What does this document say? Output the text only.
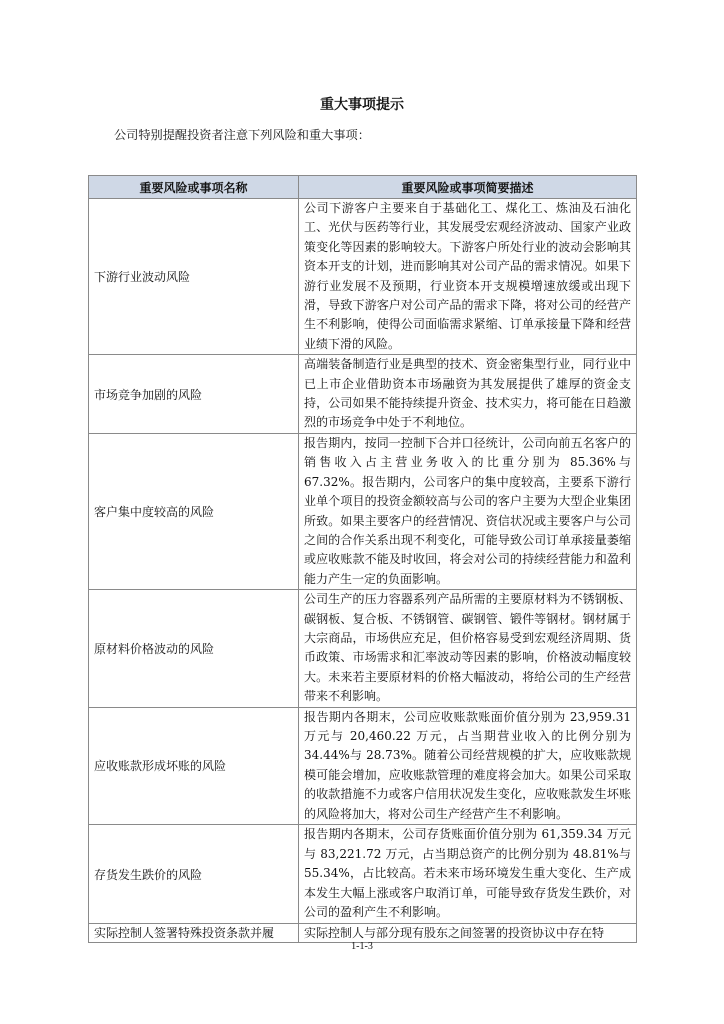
重大事项提示
公司特别提醒投资者注意下列风险和重大事项：
重要风险或事项名称	重要风险或事项简要描述
下游行业波动风险	公司下游客户主要来自于基础化工、煤化工、炼油及石油化工、光伏与医药等行业，其发展受宏观经济波动、国家产业政策变化等因素的影响较大。下游客户所处行业的波动会影响其资本开支的计划，进而影响其对公司产品的需求情况。如果下游行业发展不及预期，行业资本开支规模增速放缓或出现下滑，导致下游客户对公司产品的需求下降，将对公司的经营产生不利影响，使得公司面临需求紧缩、订单承接量下降和经营业绩下滑的风险。
市场竞争加剧的风险	高端装备制造行业是典型的技术、资金密集型行业，同行业中已上市企业借助资本市场融资为其发展提供了雄厚的资金支持，公司如果不能持续提升资金、技术实力，将可能在日趋激烈的市场竞争中处于不利地位。
客户集中度较高的风险	报告期内，按同一控制下合并口径统计，公司向前五名客户的销售收入占主营业务收入的比重分别为 85.36%与 67.32%。报告期内，公司客户的集中度较高，主要系下游行业单个项目的投资金额较高与公司的客户主要为大型企业集团所致。如果主要客户的经营情况、资信状况或主要客户与公司之间的合作关系出现不利变化，可能导致公司订单承接量萎缩或应收账款不能及时收回，将会对公司的持续经营能力和盈利能力产生一定的负面影响。
原材料价格波动的风险	公司生产的压力容器系列产品所需的主要原材料为不锈钢板、碳钢板、复合板、不锈钢管、碳钢管、锻件等钢材。钢材属于大宗商品，市场供应充足，但价格容易受到宏观经济周期、货币政策、市场需求和汇率波动等因素的影响，价格波动幅度较大。未来若主要原材料的价格大幅波动，将给公司的生产经营带来不利影响。
应收账款形成坏账的风险	报告期内各期末，公司应收账款账面价值分别为 23,959.31 万元与 20,460.22 万元，占当期营业收入的比例分别为 34.44%与 28.73%。随着公司经营规模的扩大，应收账款规模可能会增加，应收账款管理的难度将会加大。如果公司采取的收款措施不力或客户信用状况发生变化，应收账款发生坏账的风险将加大，将对公司生产经营产生不利影响。
存货发生跌价的风险	报告期内各期末，公司存货账面价值分别为 61,359.34 万元与 83,221.72 万元，占当期总资产的比例分别为 48.81%与 55.34%，占比较高。若未来市场环境发生重大变化、生产成本发生大幅上涨或客户取消订单，可能导致存货发生跌价，对公司的盈利产生不利影响。
实际控制人签署特殊投资条款并履	实际控制人与部分现有股东之间签署的投资协议中存在特
1-1-3
